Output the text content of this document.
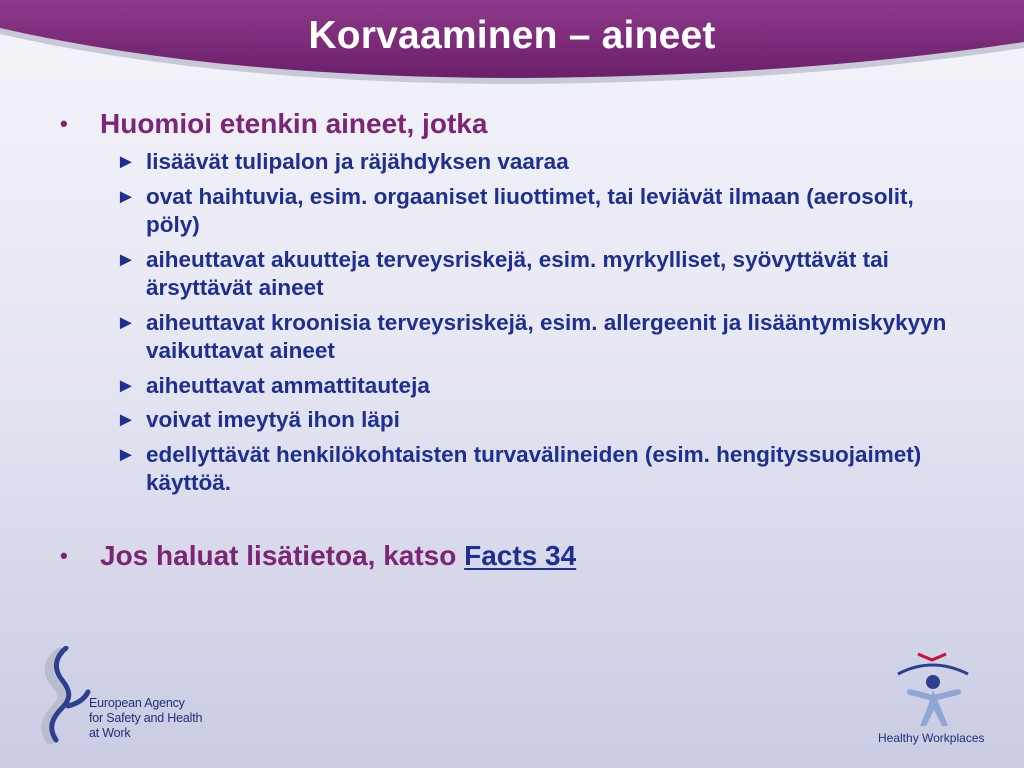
Korvaaminen – aineet
• Huomioi etenkin aineet, jotka
► lisäävät tulipalon ja räjähdyksen vaaraa
► ovat haihtuvia, esim. orgaaniset liuottimet, tai leviävät ilmaan (aerosolit, pöly)
► aiheuttavat akuutteja terveysriskejä, esim. myrkylliset, syövyttävät tai ärsyttävät aineet
► aiheuttavat kroonisia terveysriskejä, esim. allergeenit ja lisääntymiskykyyn vaikuttavat aineet
► aiheuttavat ammattitauteja
► voivat imeytyä ihon läpi
► edellyttävät henkilökohtaisten turvavälineiden (esim. hengityssuojaimet) käyttöä.
• Jos haluat lisätietoa, katso Facts 34
European Agency
for Safety and Health
at Work	Healthy Workplaces
